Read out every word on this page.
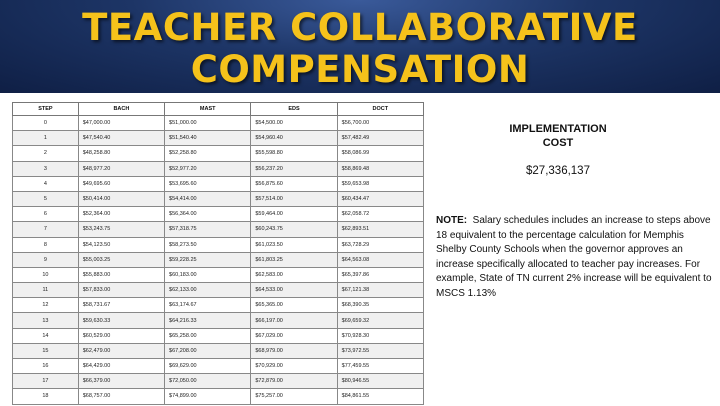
TEACHER COLLABORATIVE
COMPENSATION
STEP	BACH	MAST	EDS	DOCT
0	$47,000.00	$51,000.00	$54,500.00	$56,700.00
1	$47,540.40	$51,540.40	$54,960.40	$57,482.49
2	$48,258.80	$52,258.80	$55,598.80	$58,086.99
3	$48,977.20	$52,977.20	$56,237.20	$58,869.48
4	$49,695.60	$53,695.60	$56,875.60	$59,653.98
5	$50,414.00	$54,414.00	$57,514.00	$60,434.47
6	$52,364.00	$56,364.00	$59,464.00	$62,058.72
7	$53,243.75	$57,318.75	$60,243.75	$62,893.51
8	$54,123.50	$58,273.50	$61,023.50	$63,728.29
9	$55,003.25	$59,228.25	$61,803.25	$64,563.08
10	$55,883.00	$60,183.00	$62,583.00	$65,397.86
11	$57,833.00	$62,133.00	$64,533.00	$67,121.38
12	$58,731.67	$63,174.67	$65,365.00	$68,390.35
13	$59,630.33	$64,216.33	$66,197.00	$69,659.32
14	$60,529.00	$65,258.00	$67,029.00	$70,928.30
15	$62,479.00	$67,208.00	$68,979.00	$73,972.55
16	$64,429.00	$69,629.00	$70,929.00	$77,459.55
17	$66,379.00	$72,050.00	$72,879.00	$80,946.55
18	$68,757.00	$74,899.00	$75,257.00	$84,861.55
IMPLEMENTATION
COST
$27,336,137
NOTE: Salary schedules includes an increase to steps above 18 equivalent to the percentage calculation for Memphis Shelby County Schools when the governor approves an increase specifically allocated to teacher pay increases. For example, State of TN current 2% increase will be equivalent to MSCS 1.13%
